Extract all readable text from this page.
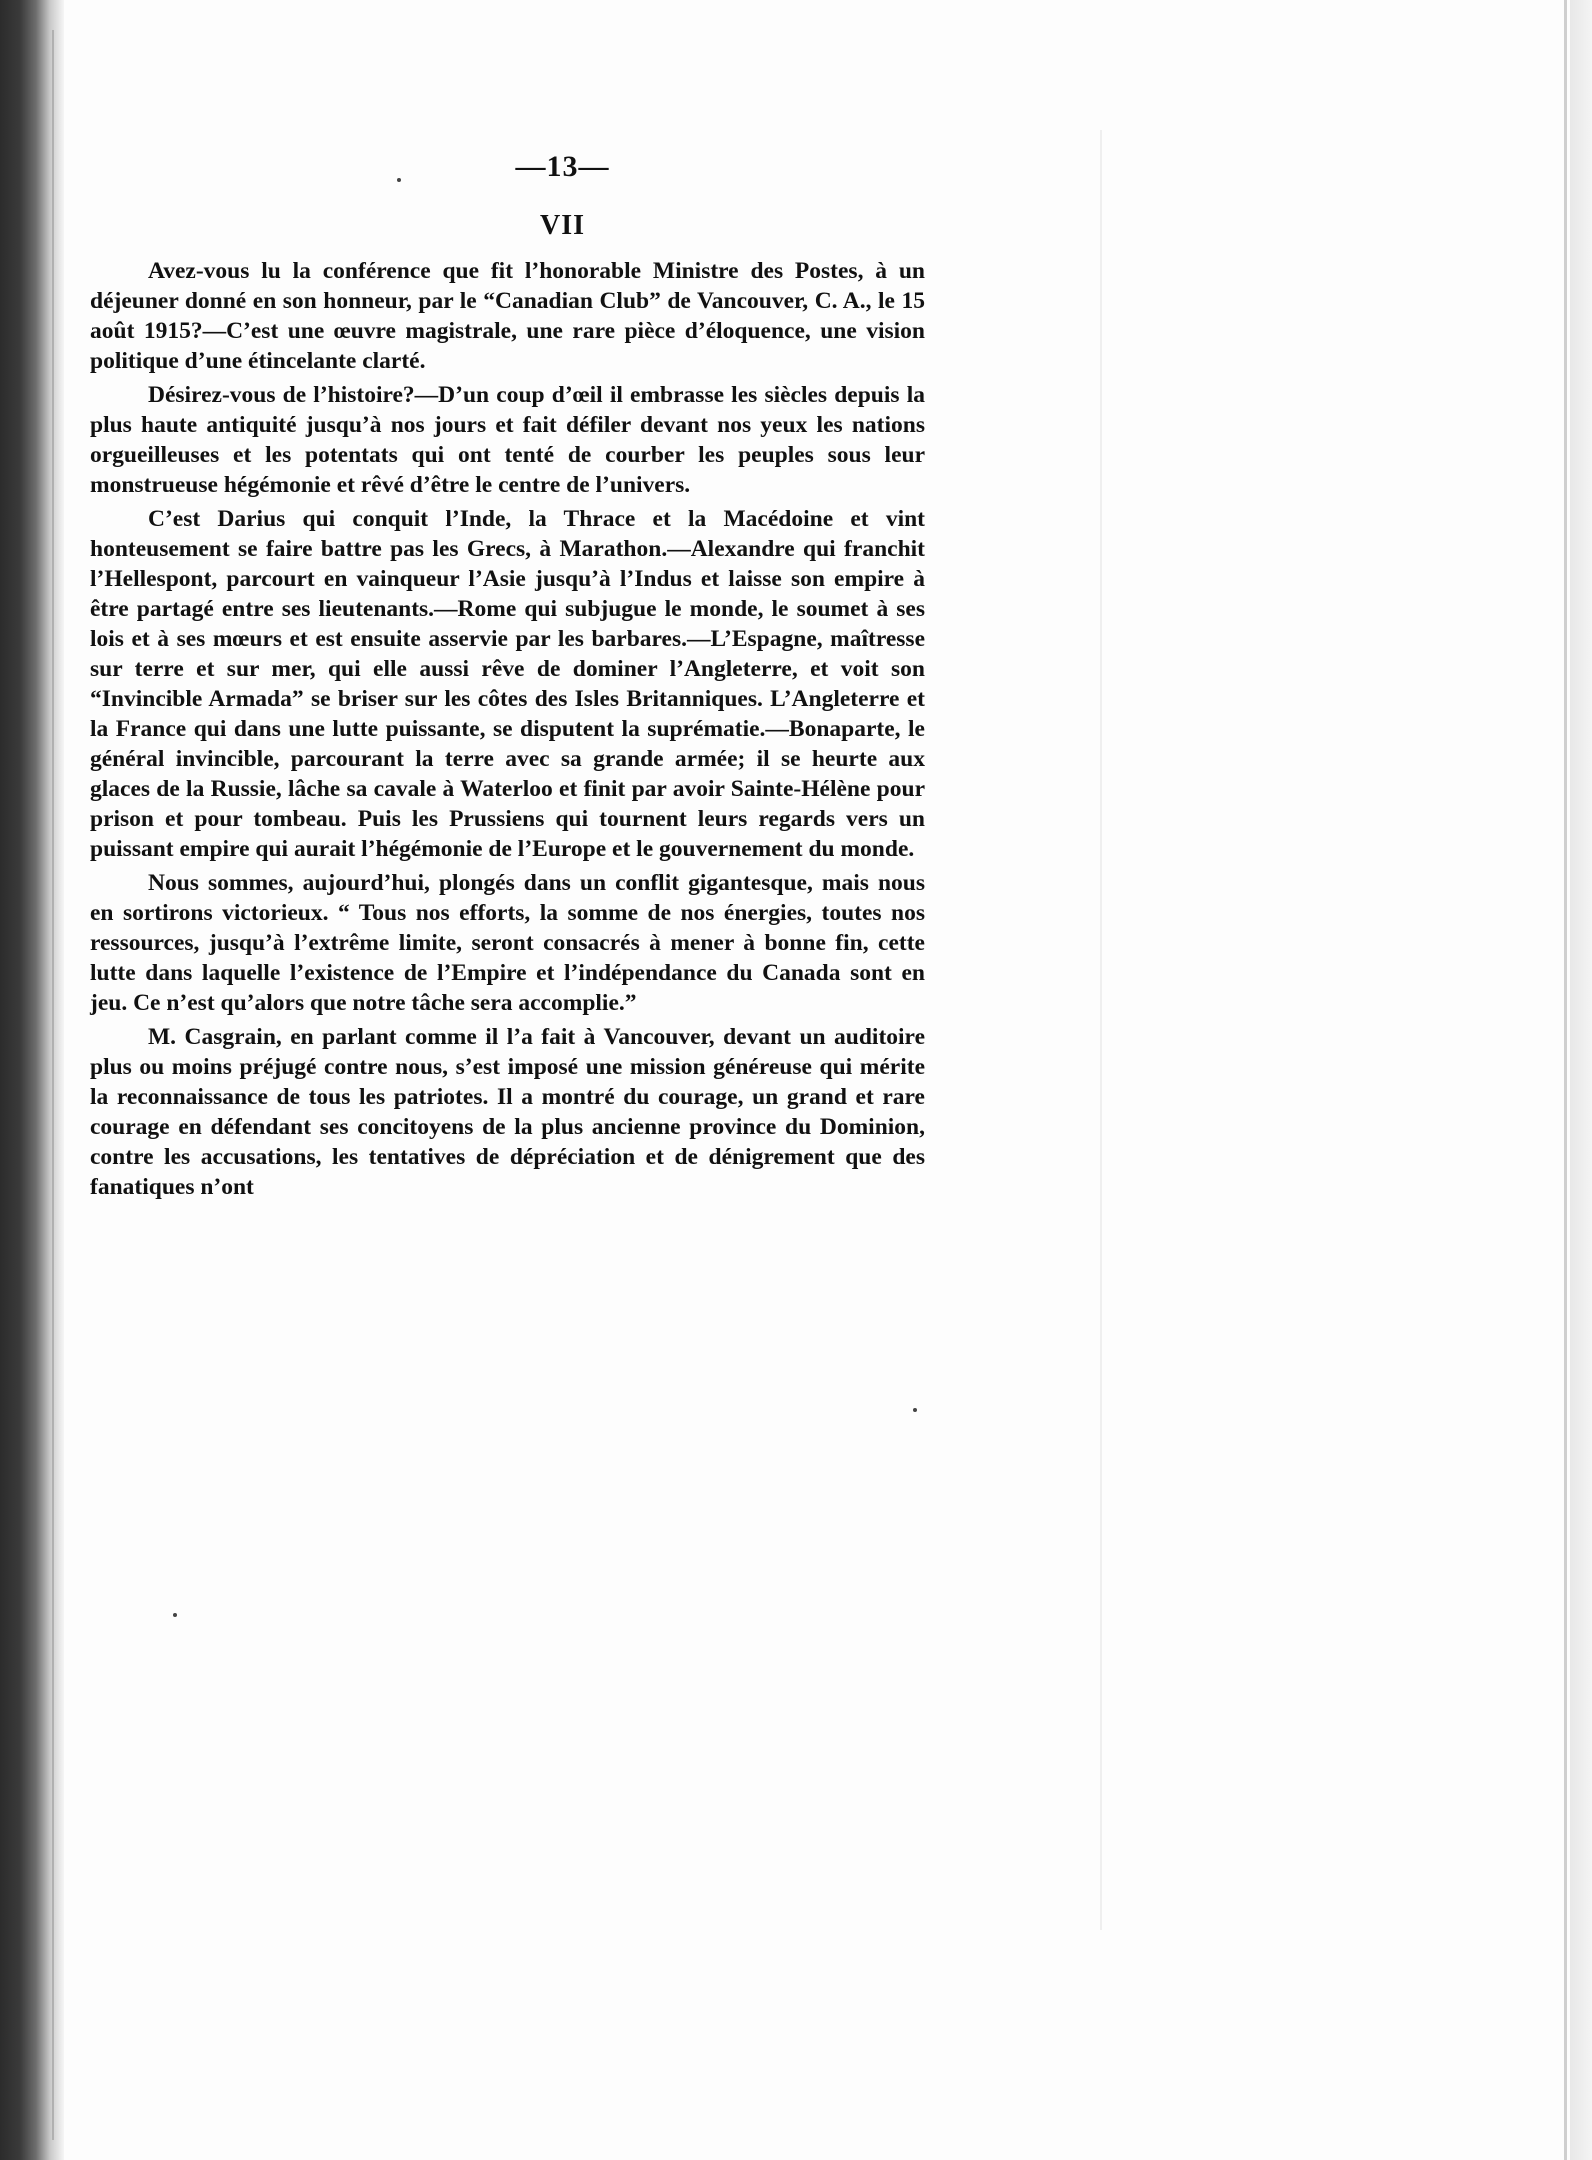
—13—
VII

Avez-vous lu la conférence que fit l’honorable Ministre des Postes, à un déjeuner donné en son honneur, par le “Canadian Club” de Vancouver, C. A., le 15 août 1915?—C’est une œuvre magistrale, une rare pièce d’éloquence, une vision politique d’une étincelante clarté.

Désirez-vous de l’histoire?—D’un coup d’œil il embrasse les siècles depuis la plus haute antiquité jusqu’à nos jours et fait défiler devant nos yeux les nations orgueilleuses et les potentats qui ont tenté de courber les peuples sous leur monstrueuse hégémonie et rêvé d’être le centre de l’univers.

C’est Darius qui conquit l’Inde, la Thrace et la Macédoine et vint honteusement se faire battre pas les Grecs, à Marathon.—Alexandre qui franchit l’Hellespont, parcourt en vainqueur l’Asie jusqu’à l’Indus et laisse son empire à être partagé entre ses lieutenants.—Rome qui subjugue le monde, le soumet à ses lois et à ses mœurs et est ensuite asservie par les barbares.—L’Espagne, maîtresse sur terre et sur mer, qui elle aussi rêve de dominer l’Angleterre, et voit son “Invincible Armada” se briser sur les côtes des Isles Britanniques. L’Angleterre et la France qui dans une lutte puissante, se disputent la suprématie.—Bonaparte, le général invincible, parcourant la terre avec sa grande armée; il se heurte aux glaces de la Russie, lâche sa cavale à Waterloo et finit par avoir Sainte-Hélène pour prison et pour tombeau. Puis les Prussiens qui tournent leurs regards vers un puissant empire qui aurait l’hégémonie de l’Europe et le gouvernement du monde.

Nous sommes, aujourd’hui, plongés dans un conflit gigantesque, mais nous en sortirons victorieux. “ Tous nos efforts, la somme de nos énergies, toutes nos ressources, jusqu’à l’extrême limite, seront consacrés à mener à bonne fin, cette lutte dans laquelle l’existence de l’Empire et l’indépendance du Canada sont en jeu. Ce n’est qu’alors que notre tâche sera accomplie.”

M. Casgrain, en parlant comme il l’a fait à Vancouver, devant un auditoire plus ou moins préjugé contre nous, s’est imposé une mission généreuse qui mérite la reconnaissance de tous les patriotes. Il a montré du courage, un grand et rare courage en défendant ses concitoyens de la plus ancienne province du Dominion, contre les accusations, les tentatives de dépréciation et de dénigrement que des fanatiques n’ont
